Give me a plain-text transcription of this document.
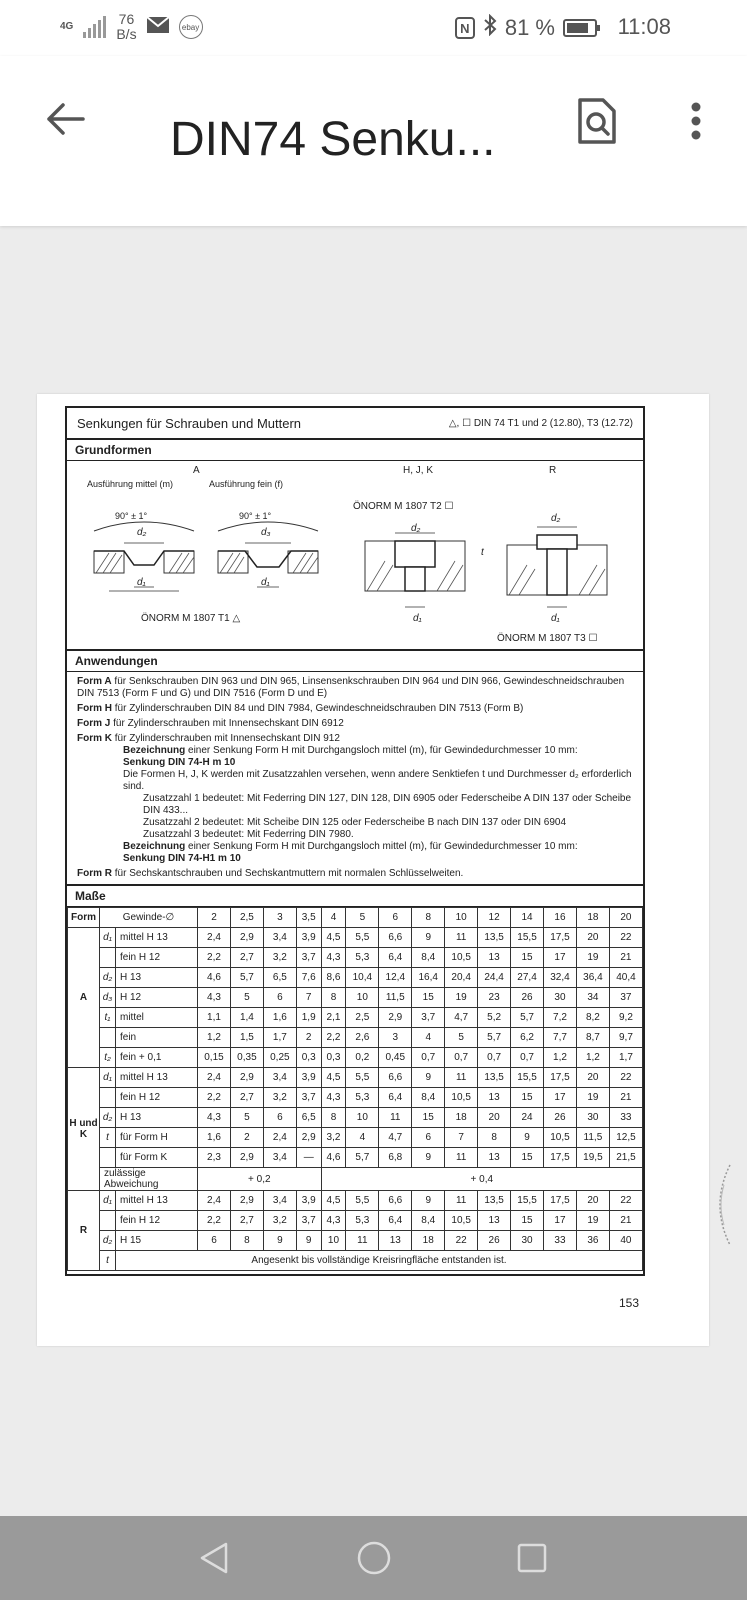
4G	76
B/s	ebay	N 81 %	11:08
DIN74 Senku...
Senkungen für Schrauben und Muttern	△, ☐ DIN 74 T1 und 2 (12.80), T3 (12.72)
Grundformen
A	H, J, K	R
Ausführung mittel (m)	Ausführung fein (f)
90° ± 1°	90° ± 1°
ÖNORM M 1807 T2 ☐
d₂
d₁
d₃
d₁
d₂
d₁
d₂
d₁
t
ÖNORM M 1807 T1 △
ÖNORM M 1807 T3 ☐
Anwendungen

Form A für Senkschrauben DIN 963 und DIN 965, Linsensenkschrauben DIN 964 und DIN 966, Gewindeschneidschrauben DIN 7513 (Form F und G) und DIN 7516 (Form D und E)

Form H für Zylinderschrauben DIN 84 und DIN 7984, Gewindeschneidschrauben DIN 7513 (Form B)

Form J für Zylinderschrauben mit Innensechskant DIN 6912

Form K für Zylinderschrauben mit Innensechskant DIN 912

Bezeichnung einer Senkung Form H mit Durchgangsloch mittel (m), für Gewindedurchmesser 10 mm:
Senkung DIN 74-H m 10

Die Formen H, J, K werden mit Zusatzzahlen versehen, wenn andere Senktiefen t und Durchmesser d₂ erforderlich sind.

Zusatzzahl 1 bedeutet: Mit Federring DIN 127, DIN 128, DIN 6905 oder Federscheibe A DIN 137 oder Scheibe DIN 433...

Zusatzzahl 2 bedeutet: Mit Scheibe DIN 125 oder Federscheibe B nach DIN 137 oder DIN 6904

Zusatzzahl 3 bedeutet: Mit Federring DIN 7980.

Bezeichnung einer Senkung Form H mit Durchgangsloch mittel (m), für Gewindedurchmesser 10 mm:
Senkung DIN 74-H1 m 10

Form R für Sechskantschrauben und Sechskantmuttern mit normalen Schlüsselweiten.

Maße
Form	Gewinde-∅		2	2,5	3	3,5	4	5	6	8	10	12	14	16	18	20
A	d₁	mittel H 13	2,4	2,9	3,4	3,9	4,5	5,5	6,6	9	11	13,5	15,5	17,5	20	22
		fein H 12	2,2	2,7	3,2	3,7	4,3	5,3	6,4	8,4	10,5	13	15	17	19	21
	d₂	H 13	4,6	5,7	6,5	7,6	8,6	10,4	12,4	16,4	20,4	24,4	27,4	32,4	36,4	40,4
	d₃	H 12	4,3	5	6	7	8	10	11,5	15	19	23	26	30	34	37
	t₁	mittel	1,1	1,4	1,6	1,9	2,1	2,5	2,9	3,7	4,7	5,2	5,7	7,2	8,2	9,2
		fein	1,2	1,5	1,7	2	2,2	2,6	3	4	5	5,7	6,2	7,7	8,7	9,7
	t₂	fein + 0,1	0,15	0,35	0,25	0,3	0,3	0,2	0,45	0,7	0,7	0,7	0,7	1,2	1,2	1,7
H und K	d₁	mittel H 13	2,4	2,9	3,4	3,9	4,5	5,5	6,6	9	11	13,5	15,5	17,5	20	22
		fein H 12	2,2	2,7	3,2	3,7	4,3	5,3	6,4	8,4	10,5	13	15	17	19	21
	d₂	H 13	4,3	5	6	6,5	8	10	11	15	18	20	24	26	30	33
	t	für Form H	1,6	2	2,4	2,9	3,2	4	4,7	6	7	8	9	10,5	11,5	12,5
		für Form K	2,3	2,9	3,4	—	4,6	5,7	6,8	9	11	13	15	17,5	19,5	21,5
	zulässige Abweichung		+ 0,2				+ 0,4									
R	d₁	mittel H 13	2,4	2,9	3,4	3,9	4,5	5,5	6,6	9	11	13,5	15,5	17,5	20	22
		fein H 12	2,2	2,7	3,2	3,7	4,3	5,3	6,4	8,4	10,5	13	15	17	19	21
	d₂	H 15	6	8	9	9	10	11	13	18	22	26	30	33	36	40
	t	Angesenkt bis vollständige Kreisringfläche entstanden ist.														
153
